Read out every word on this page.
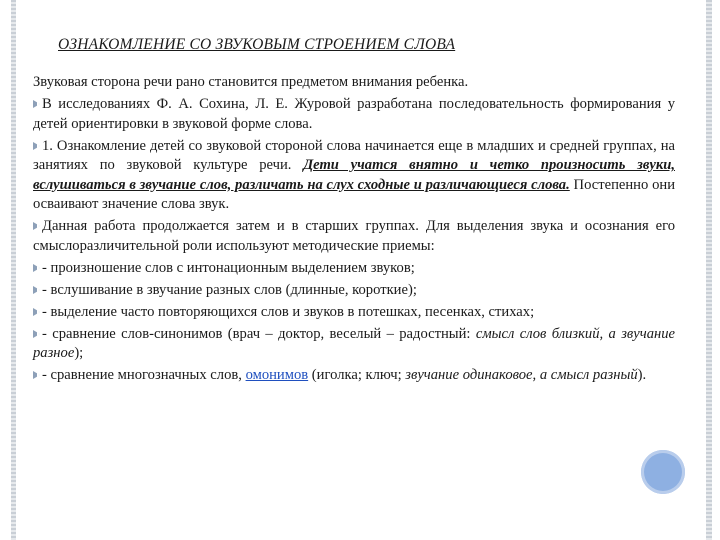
ОЗНАКОМЛЕНИЕ СО ЗВУКОВЫМ СТРОЕНИЕМ СЛОВА

Звуковая сторона речи рано становится предметом внимания ребенка.

В исследованиях Ф. А. Сохина, Л. Е. Журовой разработана последовательность формирования у детей ориентировки в звуковой форме слова.

1. Ознакомление детей со звуковой стороной слова начинается еще в младших и средней группах, на занятиях по звуковой культуре речи. Дети учатся внятно и четко произносить звуки, вслушиваться в звучание слов, различать на слух сходные и различающиеся слова. Постепенно они осваивают значение слова звук.

Данная работа продолжается затем и в старших группах. Для выделения звука и осознания его смыслоразличительной роли используют методические приемы:

- произнoшение слов с интонационным выделением звуков;

- вслушивание в звучание разных слов (длинные, короткие);

- выделение часто повторяющихся слов и звуков в потешках, песенках, стихах;

- сравнение слов-синонимов (врач – доктор, веселый – радостный: смысл слов близкий, а звучание разное);

- сравнение многозначных слов, омонимов (иголка; ключ; звучание одинаковое, а смысл разный).
